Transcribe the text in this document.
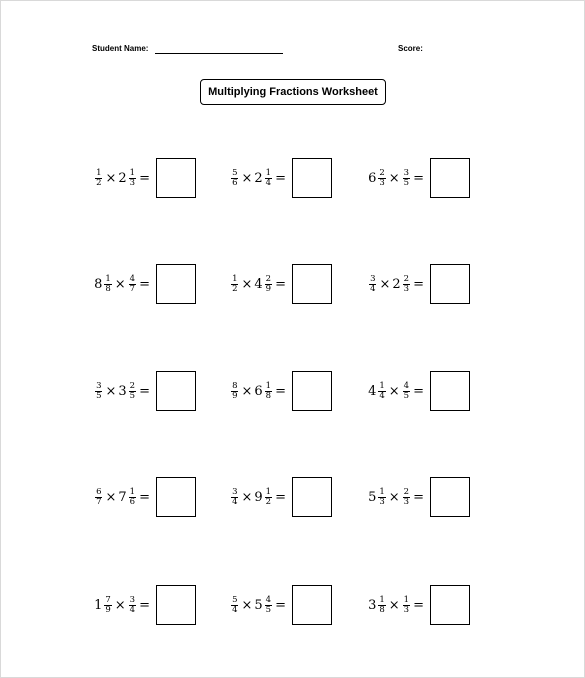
Student Name:	Score:
Multiplying Fractions Worksheet
$\frac{1}{2} \times 2 \frac{1}{3}$ =	$\frac{5}{6} \times 2 \frac{1}{4}$ =	$6 \frac{2}{3} \times \frac{3}{5}$ =
$8 \frac{1}{8} \times \frac{4}{7}$ =	$\frac{1}{2} \times 4 \frac{2}{9}$ =	$\frac{3}{4} \times 2 \frac{2}{3}$ =
$\frac{3}{5} \times 3 \frac{2}{5}$ =	$\frac{8}{9} \times 6 \frac{1}{8}$ =	$4 \frac{1}{4} \times \frac{4}{5}$ =
$\frac{6}{7} \times 7 \frac{1}{6}$ =	$\frac{3}{4} \times 9 \frac{1}{2}$ =	$5 \frac{1}{3} \times \frac{2}{3}$ =
$1 \frac{7}{9} \times \frac{3}{4}$ =	$\frac{5}{4} \times 5 \frac{4}{5}$ =	$3 \frac{1}{8} \times \frac{1}{3}$ =
